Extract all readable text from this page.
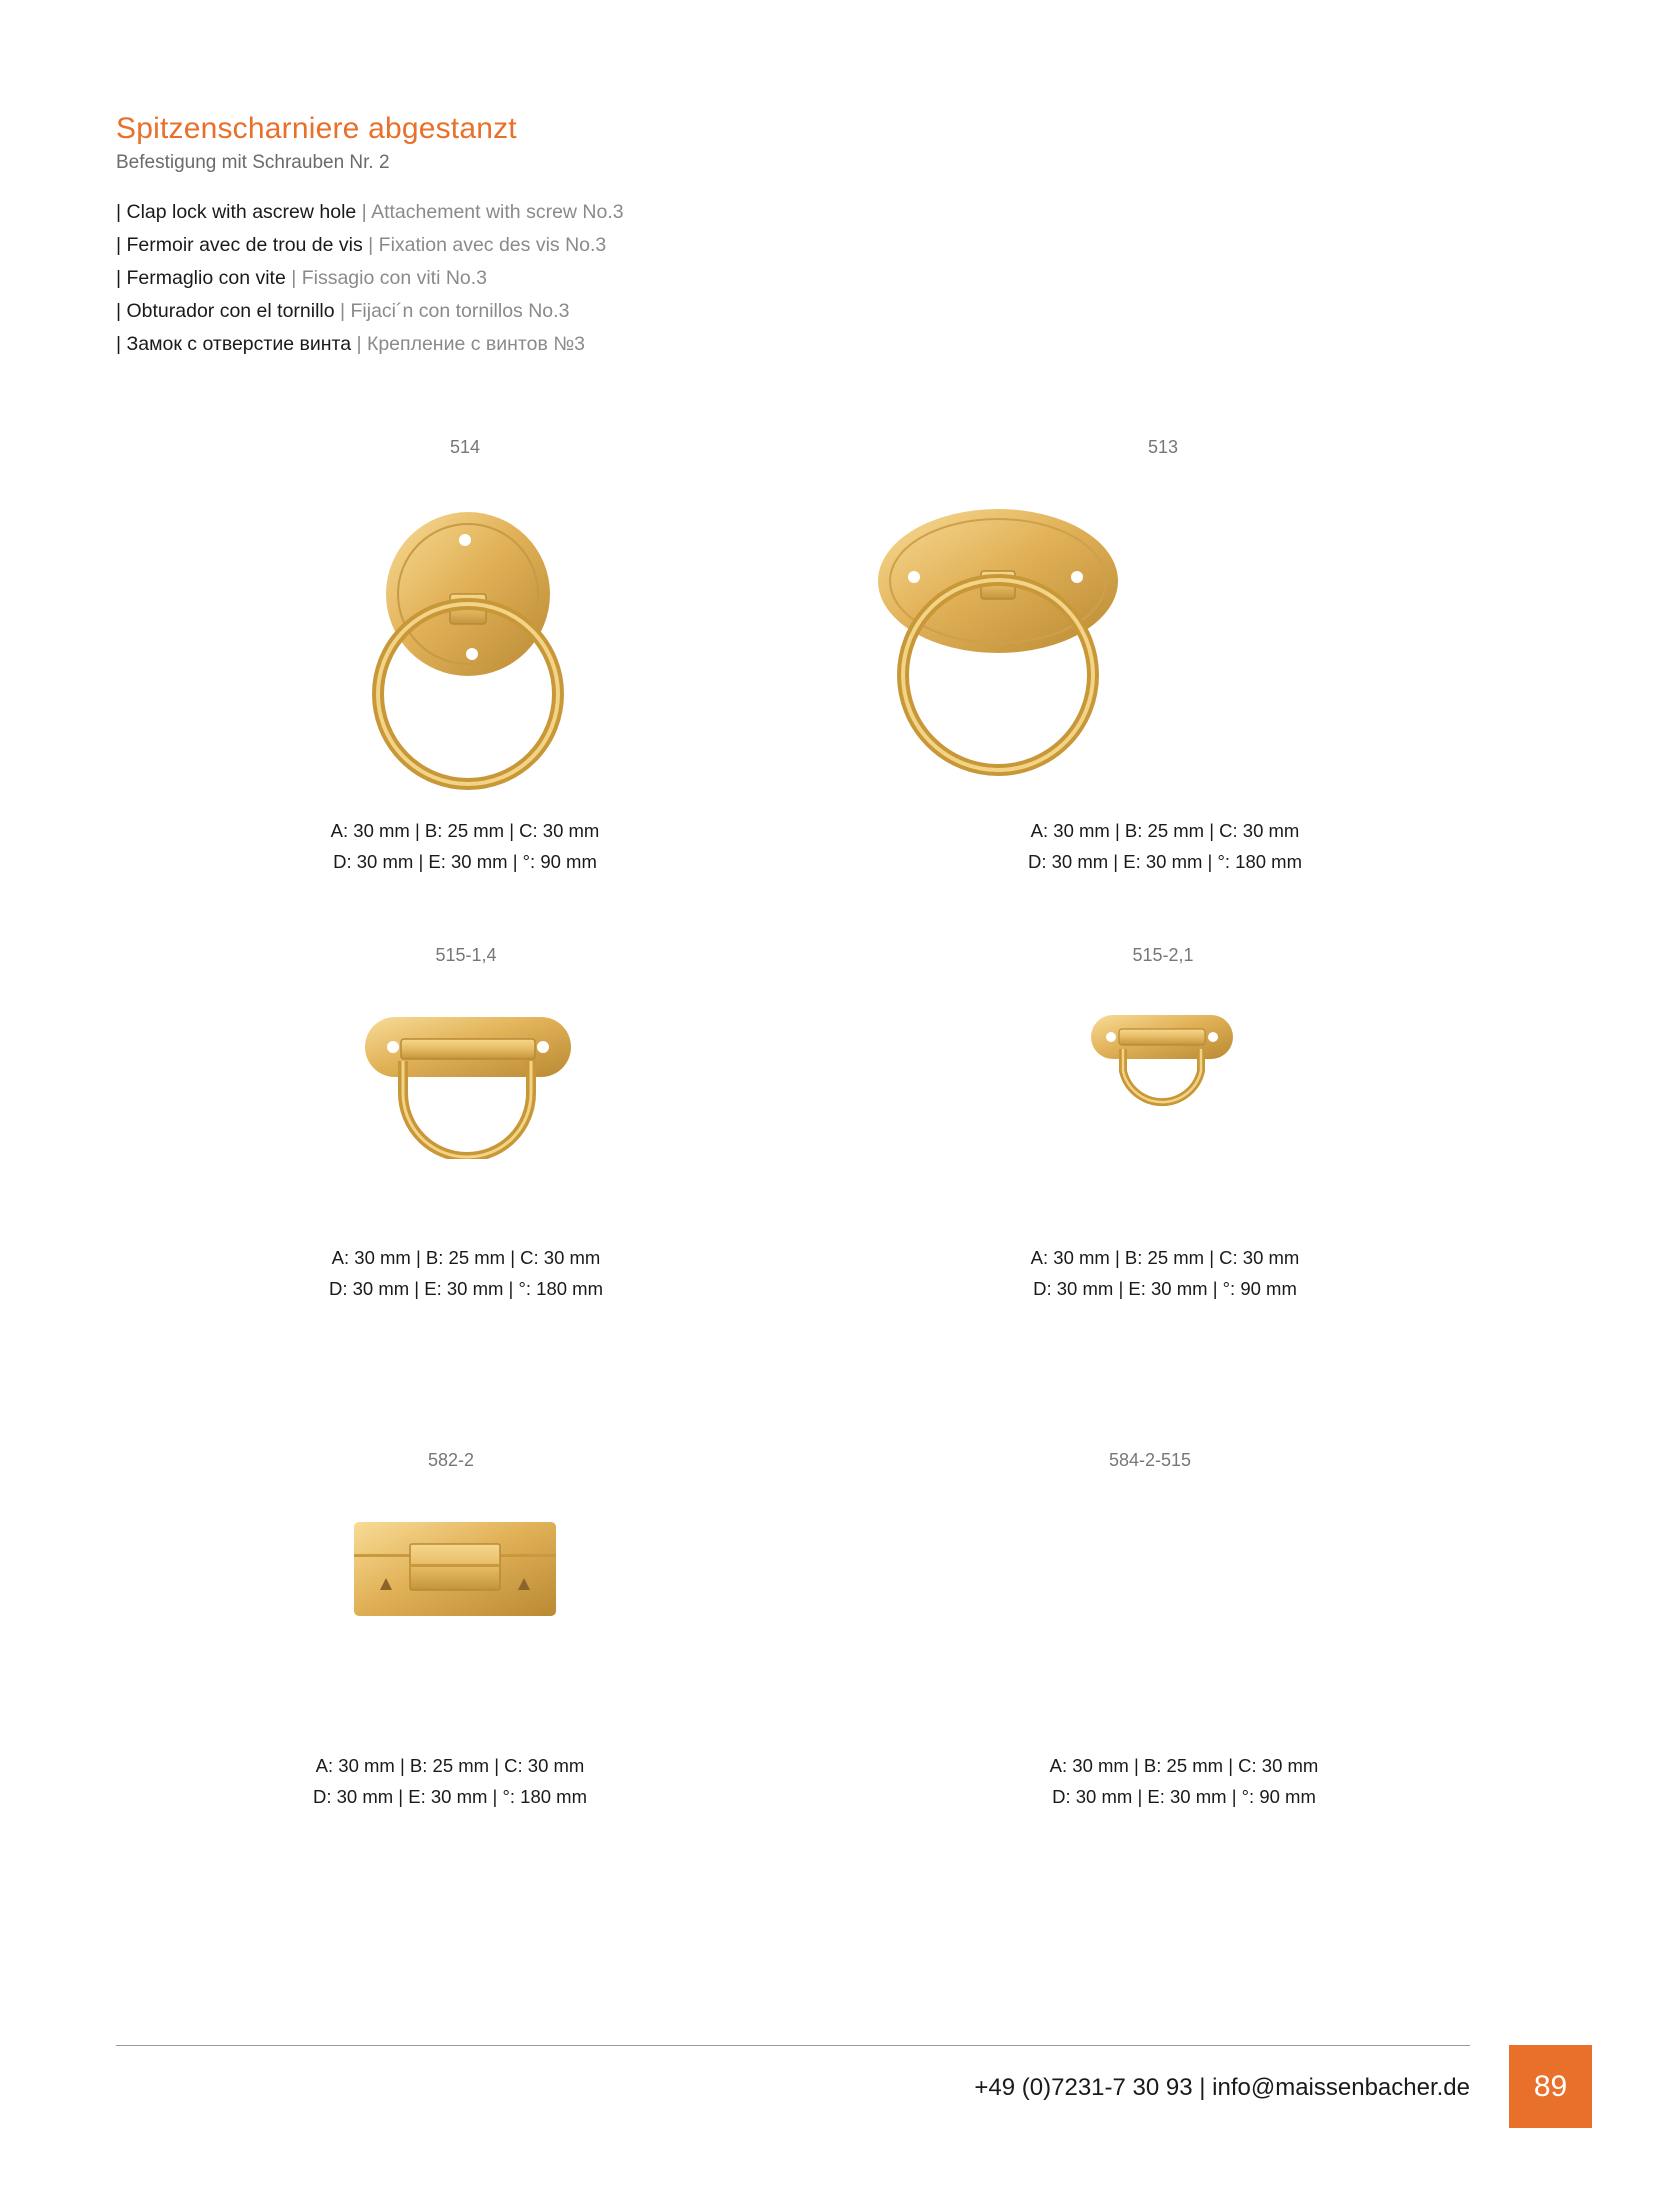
Spitzenscharniere abgestanzt
Befestigung mit Schrauben Nr. 2
| Clap lock with ascrew hole | Attachement with screw No.3
| Fermoir avec de trou de vis | Fixation avec des vis No.3
| Fermaglio con vite | Fissagio con viti No.3
| Obturador con el tornillo | Fijaci´n con tornillos No.3
| Замок с отверстие винта | Крепление с винтов №3
514
A: 30 mm | B: 25 mm | C: 30 mm
D: 30 mm | E: 30 mm | °: 90 mm
513
A: 30 mm | B: 25 mm | C: 30 mm
D: 30 mm | E: 30 mm | °: 180 mm
515-1,4
A: 30 mm | B: 25 mm | C: 30 mm
D: 30 mm | E: 30 mm | °: 180 mm
515-2,1
A: 30 mm | B: 25 mm | C: 30 mm
D: 30 mm | E: 30 mm | °: 90 mm
582-2
A: 30 mm | B: 25 mm | C: 30 mm
D: 30 mm | E: 30 mm | °: 180 mm
584-2-515
A: 30 mm | B: 25 mm | C: 30 mm
D: 30 mm | E: 30 mm | °: 90 mm
+49 (0)7231-7 30 93 | info@maissenbacher.de 89
